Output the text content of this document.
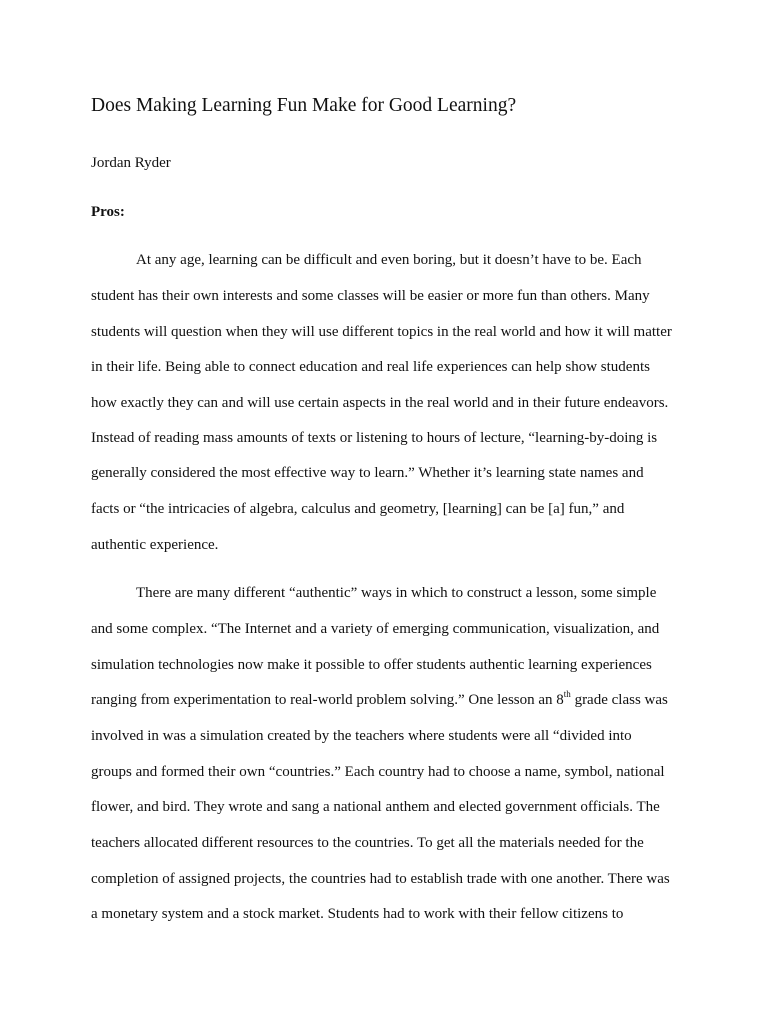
Does Making Learning Fun Make for Good Learning?

Jordan Ryder

Pros:

At any age, learning can be difficult and even boring, but it doesn’t have to be. Each

student has their own interests and some classes will be easier or more fun than others. Many

students will question when they will use different topics in the real world and how it will matter

in their life. Being able to connect education and real life experiences can help show students

how exactly they can and will use certain aspects in the real world and in their future endeavors.

Instead of reading mass amounts of texts or listening to hours of lecture, “learning-by-doing is

generally considered the most effective way to learn.” Whether it’s learning state names and

facts or “the intricacies of algebra, calculus and geometry, [learning] can be [a] fun,” and

authentic experience.

There are many different “authentic” ways in which to construct a lesson, some simple

and some complex. “The Internet and a variety of emerging communication, visualization, and

simulation technologies now make it possible to offer students authentic learning experiences

ranging from experimentation to real-world problem solving.” One lesson an 8th grade class was

involved in was a simulation created by the teachers where students were all “divided into

groups and formed their own “countries.” Each country had to choose a name, symbol, national

flower, and bird. They wrote and sang a national anthem and elected government officials. The

teachers allocated different resources to the countries. To get all the materials needed for the

completion of assigned projects, the countries had to establish trade with one another. There was

a monetary system and a stock market. Students had to work with their fellow citizens to
